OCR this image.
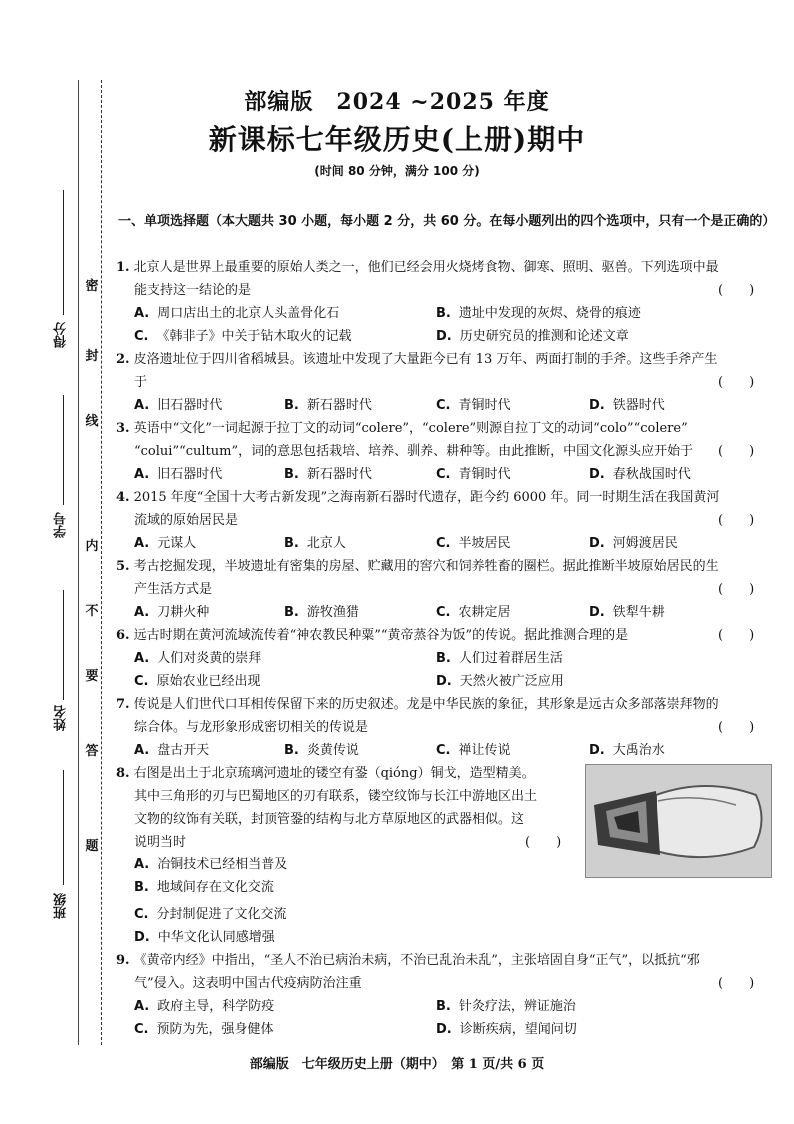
密
封
线
内
不
要
答
题
得分
学号
姓名
班级
部编版　2024 ~2025 年度
新课标七年级历史(上册)期中
(时间 80 分钟，满分 100 分)
一、单项选择题（本大题共 30 小题，每小题 2 分，共 60 分。在每小题列出的四个选项中，只有一个是正确的）
1. 北京人是世界上最重要的原始人类之一，他们已经会用火烧烤食物、御寒、照明、驱兽。下列选项中最
能支持这一结论的是	(　　)
A. 周口店出土的北京人头盖骨化石	B. 遗址中发现的灰烬、烧骨的痕迹
C. 《韩非子》中关于钻木取火的记载	D. 历史研究员的推测和论述文章
2. 皮洛遗址位于四川省稻城县。该遗址中发现了大量距今已有 13 万年、两面打制的手斧。这些手斧产生
于	(　　)
A. 旧石器时代	B. 新石器时代	C. 青铜时代	D. 铁器时代
3. 英语中“文化”一词起源于拉丁文的动词“colere”，“colere”则源自拉丁文的动词“colo”“colere”
“colui”“cultum”，词的意思包括栽培、培养、驯养、耕种等。由此推断，中国文化源头应开始于	(　　)
A. 旧石器时代	B. 新石器时代	C. 青铜时代	D. 春秋战国时代
4. 2015 年度“全国十大考古新发现”之海南新石器时代遗存，距今约 6000 年。同一时期生活在我国黄河
流域的原始居民是	(　　)
A. 元谋人	B. 北京人	C. 半坡居民	D. 河姆渡居民
5. 考古挖掘发现，半坡遗址有密集的房屋、贮藏用的窖穴和饲养牲畜的圈栏。据此推断半坡原始居民的生
产生活方式是	(　　)
A. 刀耕火种	B. 游牧渔猎	C. 农耕定居	D. 铁犁牛耕
6. 远古时期在黄河流域流传着“神农教民种粟”“黄帝蒸谷为饭”的传说。据此推测合理的是	(　　)
A. 人们对炎黄的崇拜	B. 人们过着群居生活
C. 原始农业已经出现	D. 天然火被广泛应用
7. 传说是人们世代口耳相传保留下来的历史叙述。龙是中华民族的象征，其形象是远古众多部落崇拜物的
综合体。与龙形象形成密切相关的传说是	(　　)
A. 盘古开天	B. 炎黄传说	C. 禅让传说	D. 大禹治水
8. 右图是出土于北京琉璃河遗址的镂空有銎（qióng）铜戈，造型精美。
其中三角形的刃与巴蜀地区的刃有联系，镂空纹饰与长江中游地区出土
文物的纹饰有关联，封顶管銎的结构与北方草原地区的武器相似。这
说明当时	(　　)
A. 冶铜技术已经相当普及
B. 地域间存在文化交流
C. 分封制促进了文化交流
D. 中华文化认同感增强
9. 《黄帝内经》中指出，“圣人不治已病治未病，不治已乱治未乱”，主张培固自身“正气”，以抵抗“邪
气”侵入。这表明中国古代疫病防治注重	(　　)
A. 政府主导，科学防疫	B. 针灸疗法，辨证施治
C. 预防为先，强身健体	D. 诊断疾病，望闻问切
部编版　七年级历史上册（期中）　第 1 页/共 6 页
